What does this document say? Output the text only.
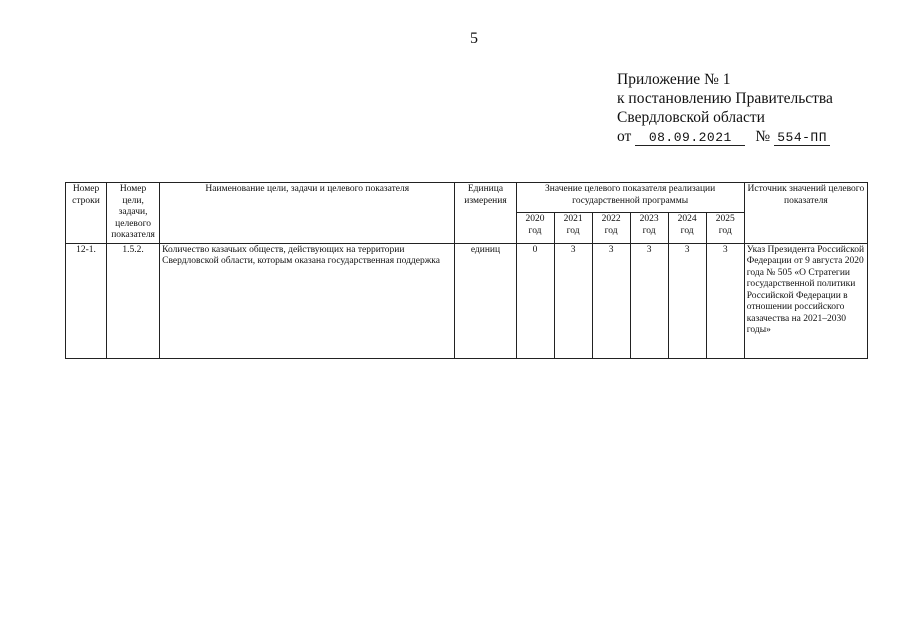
5
Приложение № 1
к постановлению Правительства
Свердловской области
от 08.09.2021 № 554-ПП
Номер строки	Номер цели, задачи, целевого показателя	Наименование цели, задачи и целевого показателя	Единица измерения	Значение целевого показателя реализации государственной программы						Источник значений целевого показателя
				2020 год	2021 год	2022 год	2023 год	2024 год	2025 год	
12-1.	1.5.2.	Количество казачьих обществ, действующих на территории Свердловской области, которым оказана государственная поддержка	единиц	0	3	3	3	3	3	Указ Президента Российской Федерации от 9 августа 2020 года № 505 «О Стратегии государственной политики Российской Федерации в отношении российского казачества на 2021–2030 годы»
